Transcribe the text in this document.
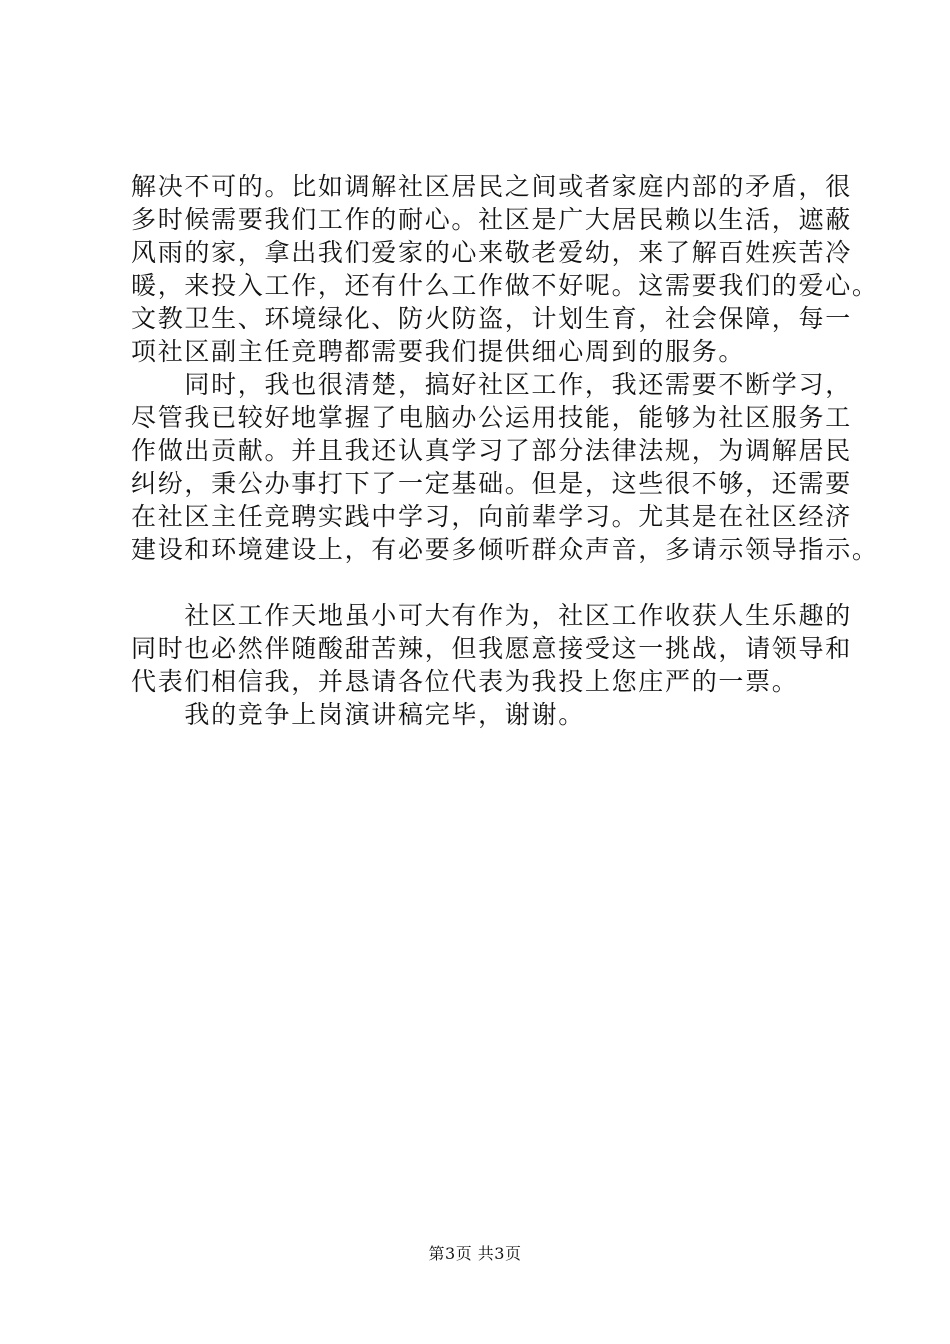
解决不可的。比如调解社区居民之间或者家庭内部的矛盾，很
多时候需要我们工作的耐心。社区是广大居民赖以生活，遮蔽
风雨的家，拿出我们爱家的心来敬老爱幼，来了解百姓疾苦冷
暖，来投入工作，还有什么工作做不好呢。这需要我们的爱心。
文教卫生、环境绿化、防火防盗，计划生育，社会保障，每一
项社区副主任竞聘都需要我们提供细心周到的服务。
　　同时，我也很清楚，搞好社区工作，我还需要不断学习，
尽管我已较好地掌握了电脑办公运用技能，能够为社区服务工
作做出贡献。并且我还认真学习了部分法律法规，为调解居民
纠纷，秉公办事打下了一定基础。但是，这些很不够，还需要
在社区主任竞聘实践中学习，向前辈学习。尤其是在社区经济
建设和环境建设上，有必要多倾听群众声音，多请示领导指示。
　　社区工作天地虽小可大有作为，社区工作收获人生乐趣的
同时也必然伴随酸甜苦辣，但我愿意接受这一挑战，请领导和
代表们相信我，并恳请各位代表为我投上您庄严的一票。
　　我的竞争上岗演讲稿完毕，谢谢。
第3页 共3页
